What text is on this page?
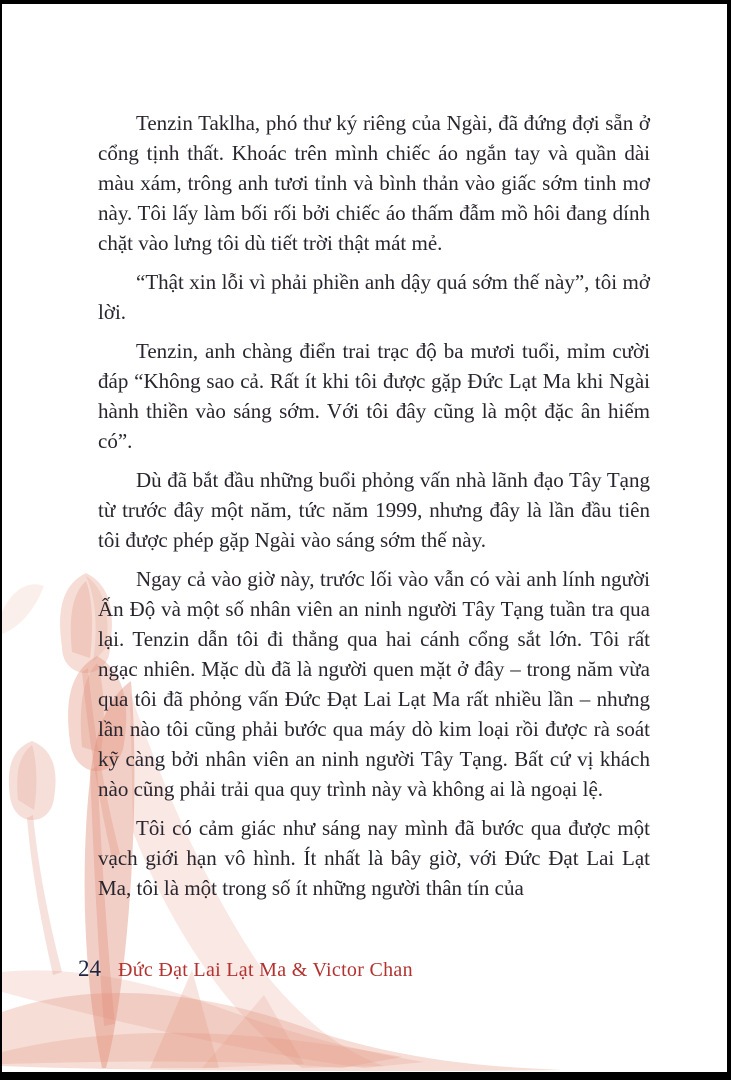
Tenzin Taklha, phó thư ký riêng của Ngài, đã đứng đợi sẵn ở cổng tịnh thất. Khoác trên mình chiếc áo ngắn tay và quần dài màu xám, trông anh tươi tỉnh và bình thản vào giấc sớm tinh mơ này. Tôi lấy làm bối rối bởi chiếc áo thấm đẫm mồ hôi đang dính chặt vào lưng tôi dù tiết trời thật mát mẻ.

“Thật xin lỗi vì phải phiền anh dậy quá sớm thế này”, tôi mở lời.

Tenzin, anh chàng điển trai trạc độ ba mươi tuổi, mỉm cười đáp “Không sao cả. Rất ít khi tôi được gặp Đức Lạt Ma khi Ngài hành thiền vào sáng sớm. Với tôi đây cũng là một đặc ân hiếm có”.

Dù đã bắt đầu những buổi phỏng vấn nhà lãnh đạo Tây Tạng từ trước đây một năm, tức năm 1999, nhưng đây là lần đầu tiên tôi được phép gặp Ngài vào sáng sớm thế này.

Ngay cả vào giờ này, trước lối vào vẫn có vài anh lính người Ấn Độ và một số nhân viên an ninh người Tây Tạng tuần tra qua lại. Tenzin dẫn tôi đi thẳng qua hai cánh cổng sắt lớn. Tôi rất ngạc nhiên. Mặc dù đã là người quen mặt ở đây – trong năm vừa qua tôi đã phỏng vấn Đức Đạt Lai Lạt Ma rất nhiều lần – nhưng lần nào tôi cũng phải bước qua máy dò kim loại rồi được rà soát kỹ càng bởi nhân viên an ninh người Tây Tạng. Bất cứ vị khách nào cũng phải trải qua quy trình này và không ai là ngoại lệ.

Tôi có cảm giác như sáng nay mình đã bước qua được một vạch giới hạn vô hình. Ít nhất là bây giờ, với Đức Đạt Lai Lạt Ma, tôi là một trong số ít những người thân tín của

24 Đức Đạt Lai Lạt Ma & Victor Chan
